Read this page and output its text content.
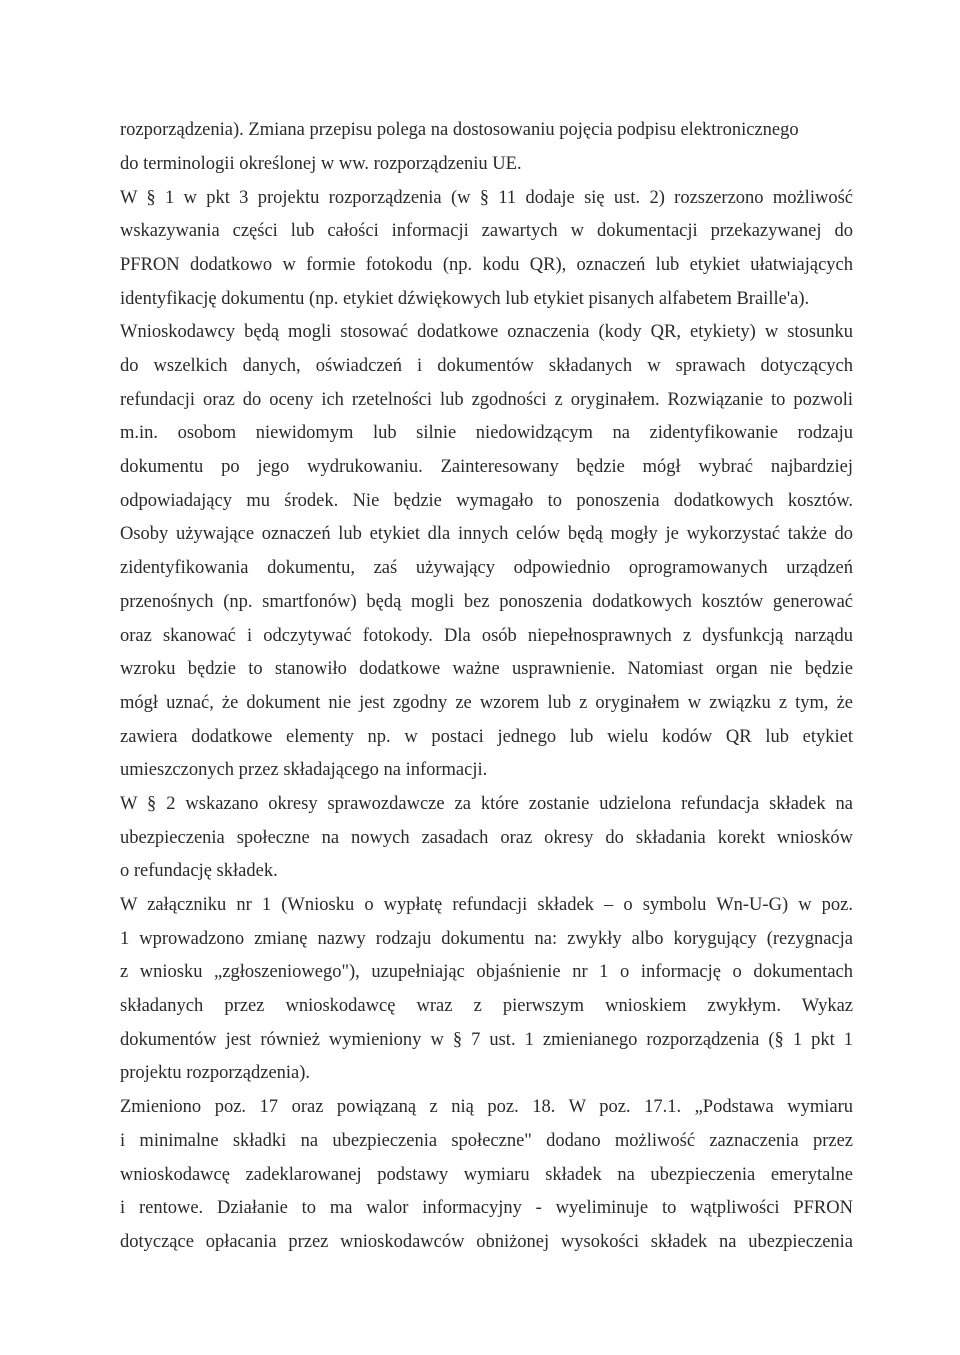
rozporządzenia). Zmiana przepisu polega na dostosowaniu pojęcia podpisu elektronicznego

do terminologii określonej w ww. rozporządzeniu UE.

W § 1 w pkt 3 projektu rozporządzenia (w § 11 dodaje się ust. 2) rozszerzono możliwość

wskazywania części lub całości informacji zawartych w dokumentacji przekazywanej do

PFRON dodatkowo w formie fotokodu (np. kodu QR), oznaczeń lub etykiet ułatwiających

identyfikację dokumentu (np. etykiet dźwiękowych lub etykiet pisanych alfabetem Braille'a).

Wnioskodawcy będą mogli stosować dodatkowe oznaczenia (kody QR, etykiety) w stosunku

do wszelkich danych, oświadczeń i dokumentów składanych w sprawach dotyczących

refundacji oraz do oceny ich rzetelności lub zgodności z oryginałem. Rozwiązanie to pozwoli

m.in. osobom niewidomym lub silnie niedowidzącym na zidentyfikowanie rodzaju

dokumentu po jego wydrukowaniu. Zainteresowany będzie mógł wybrać najbardziej

odpowiadający mu środek. Nie będzie wymagało to ponoszenia dodatkowych kosztów.

Osoby używające oznaczeń lub etykiet dla innych celów będą mogły je wykorzystać także do

zidentyfikowania dokumentu, zaś używający odpowiednio oprogramowanych urządzeń

przenośnych (np. smartfonów) będą mogli bez ponoszenia dodatkowych kosztów generować

oraz skanować i odczytywać fotokody. Dla osób niepełnosprawnych z dysfunkcją narządu

wzroku będzie to stanowiło dodatkowe ważne usprawnienie. Natomiast organ nie będzie

mógł uznać, że dokument nie jest zgodny ze wzorem lub z oryginałem w związku z tym, że

zawiera dodatkowe elementy np. w postaci jednego lub wielu kodów QR lub etykiet

umieszczonych przez składającego na informacji.

W § 2 wskazano okresy sprawozdawcze za które zostanie udzielona refundacja składek na

ubezpieczenia społeczne na nowych zasadach oraz okresy do składania korekt wniosków

o refundację składek.

W załączniku nr 1 (Wniosku o wypłatę refundacji składek – o symbolu Wn-U-G) w poz.

1 wprowadzono zmianę nazwy rodzaju dokumentu na: zwykły albo korygujący (rezygnacja

z wniosku „zgłoszeniowego"), uzupełniając objaśnienie nr 1 o informację o dokumentach

składanych przez wnioskodawcę wraz z pierwszym wnioskiem zwykłym. Wykaz

dokumentów jest również wymieniony w § 7 ust. 1 zmienianego rozporządzenia (§ 1 pkt 1

projektu rozporządzenia).

Zmieniono poz. 17 oraz powiązaną z nią poz. 18. W poz. 17.1. „Podstawa wymiaru

i minimalne składki na ubezpieczenia społeczne" dodano możliwość zaznaczenia przez

wnioskodawcę zadeklarowanej podstawy wymiaru składek na ubezpieczenia emerytalne

i rentowe. Działanie to ma walor informacyjny - wyeliminuje to wątpliwości PFRON

dotyczące opłacania przez wnioskodawców obniżonej wysokości składek na ubezpieczenia
